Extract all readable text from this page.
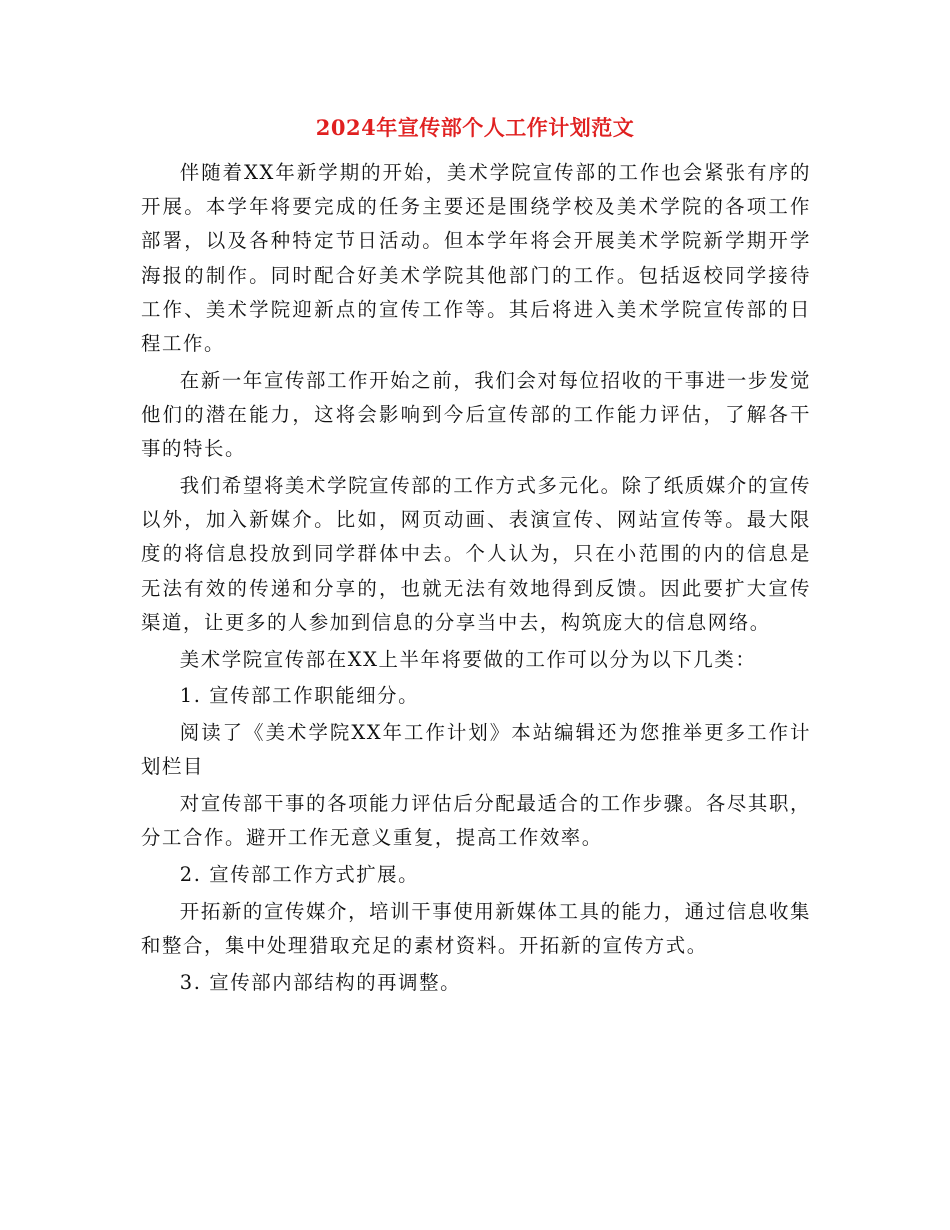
2024年宣传部个人工作计划范文

伴随着XX年新学期的开始，美术学院宣传部的工作也会紧张有序的开展。本学年将要完成的任务主要还是围绕学校及美术学院的各项工作部署，以及各种特定节日活动。但本学年将会开展美术学院新学期开学海报的制作。同时配合好美术学院其他部门的工作。包括返校同学接待工作、美术学院迎新点的宣传工作等。其后将进入美术学院宣传部的日程工作。

在新一年宣传部工作开始之前，我们会对每位招收的干事进一步发觉他们的潜在能力，这将会影响到今后宣传部的工作能力评估，了解各干事的特长。

我们希望将美术学院宣传部的工作方式多元化。除了纸质媒介的宣传以外，加入新媒介。比如，网页动画、表演宣传、网站宣传等。最大限度的将信息投放到同学群体中去。个人认为，只在小范围的内的信息是无法有效的传递和分享的，也就无法有效地得到反馈。因此要扩大宣传渠道，让更多的人参加到信息的分享当中去，构筑庞大的信息网络。

美术学院宣传部在XX上半年将要做的工作可以分为以下几类：

1. 宣传部工作职能细分。

阅读了《美术学院XX年工作计划》本站编辑还为您推举更多工作计划栏目

对宣传部干事的各项能力评估后分配最适合的工作步骤。各尽其职，分工合作。避开工作无意义重复，提高工作效率。

2. 宣传部工作方式扩展。

开拓新的宣传媒介，培训干事使用新媒体工具的能力，通过信息收集和整合，集中处理猎取充足的素材资料。开拓新的宣传方式。

3. 宣传部内部结构的再调整。
